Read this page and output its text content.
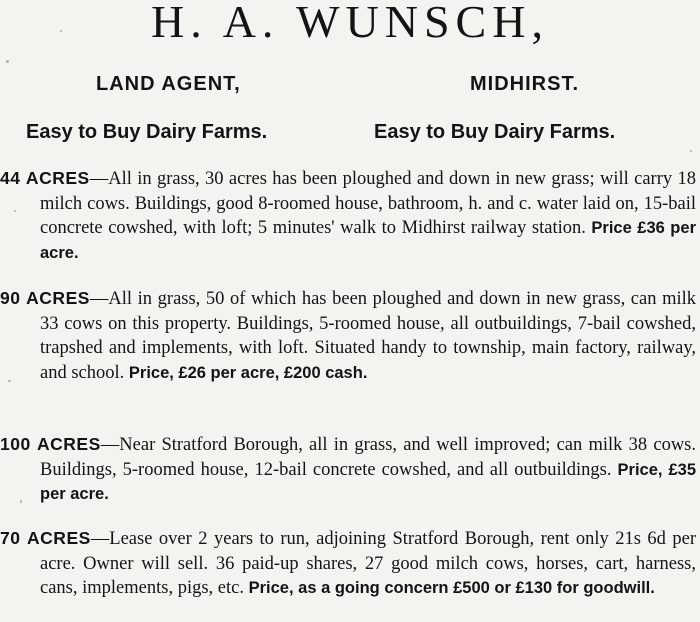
H. A. WUNSCH,
LAND AGENT,	MIDHIRST.
Easy to Buy Dairy Farms.	Easy to Buy Dairy Farms.

44 ACRES—All in grass, 30 acres has been ploughed and down in new grass; will carry 18 milch cows. Buildings, good 8-roomed house, bathroom, h. and c. water laid on, 15-bail concrete cowshed, with loft; 5 minutes' walk to Midhirst railway station. Price £36 per acre.

90 ACRES—All in grass, 50 of which has been ploughed and down in new grass, can milk 33 cows on this property. Buildings, 5-roomed house, all outbuildings, 7-bail cowshed, trapshed and implements, with loft. Situated handy to township, main factory, railway, and school. Price, £26 per acre, £200 cash.

100 ACRES—Near Stratford Borough, all in grass, and well improved; can milk 38 cows. Buildings, 5-roomed house, 12-bail concrete cowshed, and all outbuildings. Price, £35 per acre.

70 ACRES—Lease over 2 years to run, adjoining Stratford Borough, rent only 21s 6d per acre. Owner will sell. 36 paid-up shares, 27 good milch cows, horses, cart, harness, cans, implements, pigs, etc. Price, as a going concern £500 or £130 for goodwill.
